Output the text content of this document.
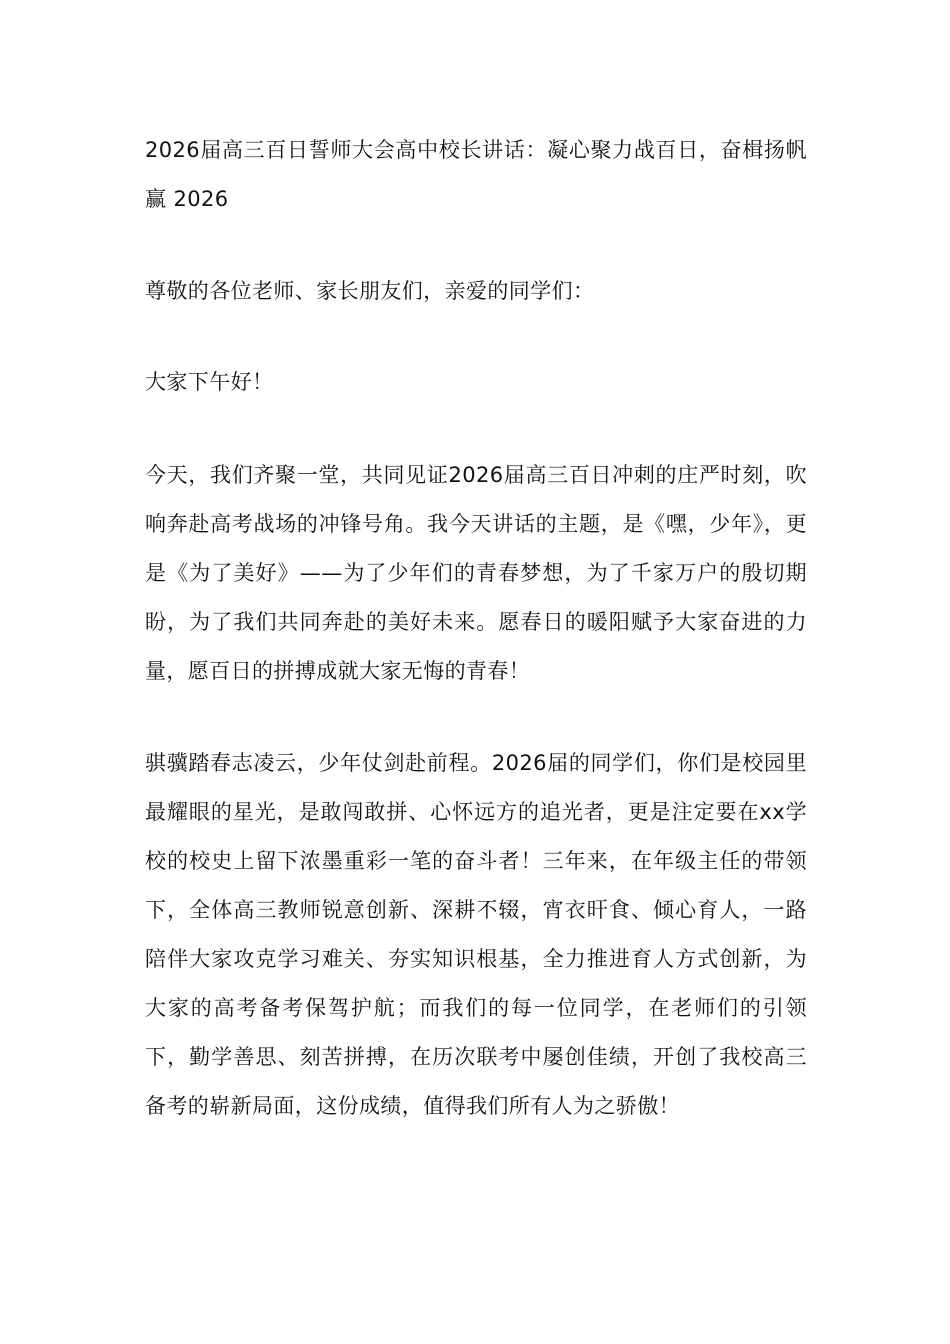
2026届高三百日誓师大会高中校长讲话：凝心聚力战百日，奋楫扬帆赢 2026

尊敬的各位老师、家长朋友们，亲爱的同学们：

大家下午好！

今天，我们齐聚一堂，共同见证2026届高三百日冲刺的庄严时刻，吹响奔赴高考战场的冲锋号角。我今天讲话的主题，是《嘿，少年》，更是《为了美好》——为了少年们的青春梦想，为了千家万户的殷切期盼，为了我们共同奔赴的美好未来。愿春日的暖阳赋予大家奋进的力量，愿百日的拼搏成就大家无悔的青春！

骐骥踏春志凌云，少年仗剑赴前程。2026届的同学们，你们是校园里最耀眼的星光，是敢闯敢拼、心怀远方的追光者，更是注定要在xx学校的校史上留下浓墨重彩一笔的奋斗者！三年来，在年级主任的带领下，全体高三教师锐意创新、深耕不辍，宵衣旰食、倾心育人，一路陪伴大家攻克学习难关、夯实知识根基，全力推进育人方式创新，为大家的高考备考保驾护航；而我们的每一位同学，在老师们的引领下，勤学善思、刻苦拼搏，在历次联考中屡创佳绩，开创了我校高三备考的崭新局面，这份成绩，值得我们所有人为之骄傲！
